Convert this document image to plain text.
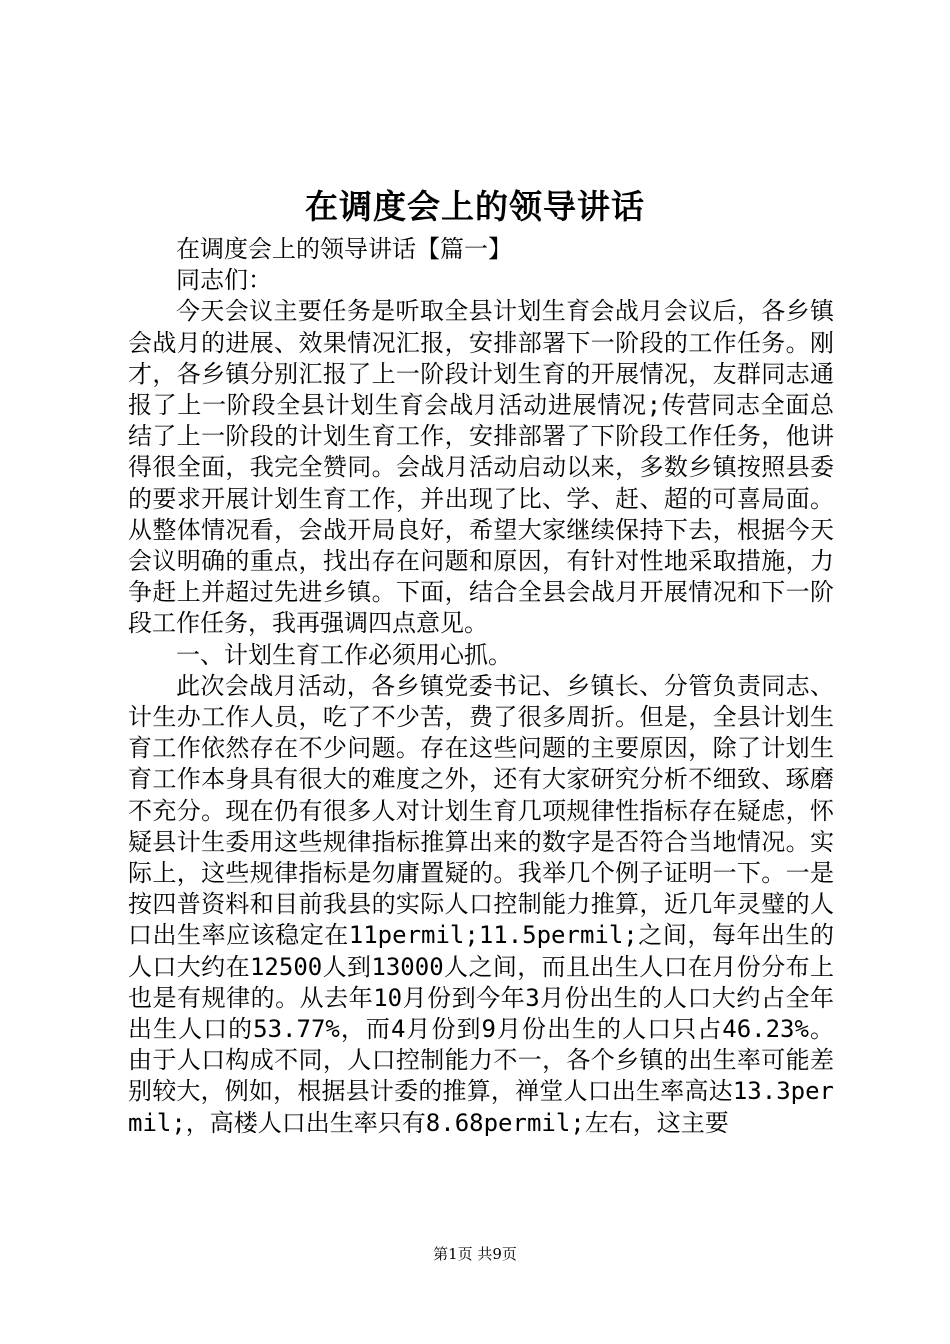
在调度会上的领导讲话

在调度会上的领导讲话【篇一】

同志们：

今天会议主要任务是听取全县计划生育会战月会议后，各乡镇会战月的进展、效果情况汇报，安排部署下一阶段的工作任务。刚才，各乡镇分别汇报了上一阶段计划生育的开展情况，友群同志通报了上一阶段全县计划生育会战月活动进展情况;传营同志全面总结了上一阶段的计划生育工作，安排部署了下阶段工作任务，他讲得很全面，我完全赞同。会战月活动启动以来，多数乡镇按照县委的要求开展计划生育工作，并出现了比、学、赶、超的可喜局面。从整体情况看，会战开局良好，希望大家继续保持下去，根据今天会议明确的重点，找出存在问题和原因，有针对性地采取措施，力争赶上并超过先进乡镇。下面，结合全县会战月开展情况和下一阶段工作任务，我再强调四点意见。

一、计划生育工作必须用心抓。

此次会战月活动，各乡镇党委书记、乡镇长、分管负责同志、计生办工作人员，吃了不少苦，费了很多周折。但是，全县计划生育工作依然存在不少问题。存在这些问题的主要原因，除了计划生育工作本身具有很大的难度之外，还有大家研究分析不细致、琢磨不充分。现在仍有很多人对计划生育几项规律性指标存在疑虑，怀疑县计生委用这些规律指标推算出来的数字是否符合当地情况。实际上，这些规律指标是勿庸置疑的。我举几个例子证明一下。一是按四普资料和目前我县的实际人口控制能力推算，近几年灵璧的人口出生率应该稳定在11permil;11.5permil;之间，每年出生的人口大约在12500人到13000人之间，而且出生人口在月份分布上也是有规律的。从去年10月份到今年3月份出生的人口大约占全年出生人口的53.77%，而4月份到9月份出生的人口只占46.23%。由于人口构成不同，人口控制能力不一，各个乡镇的出生率可能差别较大，例如，根据县计委的推算，禅堂人口出生率高达13.3permil;，高楼人口出生率只有8.68permil;左右，这主要

第1页 共9页
